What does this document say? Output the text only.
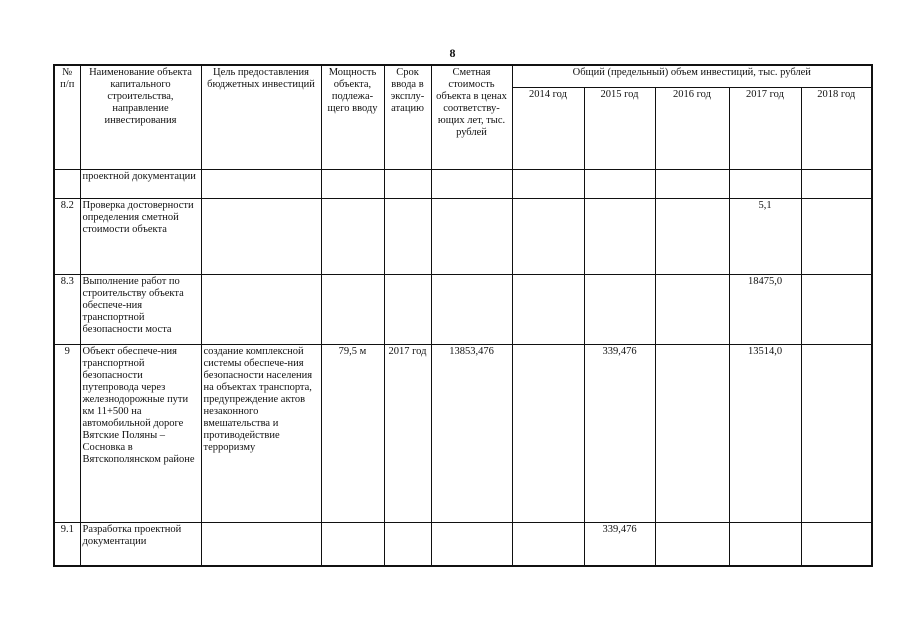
8
№ п/п	Наименование объекта капитального строительства, направление инвестирования	Цель предоставления бюджетных инвестиций	Мощность объекта, подлежа-щего вводу	Срок ввода в эксплу-атацию	Сметная стоимость объекта в ценах соответству-ющих лет, тыс. рублей	Общий (предельный) объем инвестиций, тыс. рублей				
						2014 год	2015 год	2016 год	2017 год	2018 год
	проектной документации									
8.2	Проверка достоверности определения сметной стоимости объекта								5,1	
8.3	Выполнение работ по строительству объекта обеспече-ния транспортной безопасности моста								18475,0	
9	Объект обеспече-ния транспортной безопасности путепровода через железнодорожные пути км 11+500 на автомобильной дороге Вятские Поляны – Сосновка в Вятскополянском районе	создание комплексной системы обеспече-ния безопасности населения на объектах транспорта, предупреждение актов незаконного вмешательства и противодействие терроризму	79,5 м	2017 год	13853,476		339,476		13514,0	
9.1	Разработка проектной документации						339,476			
